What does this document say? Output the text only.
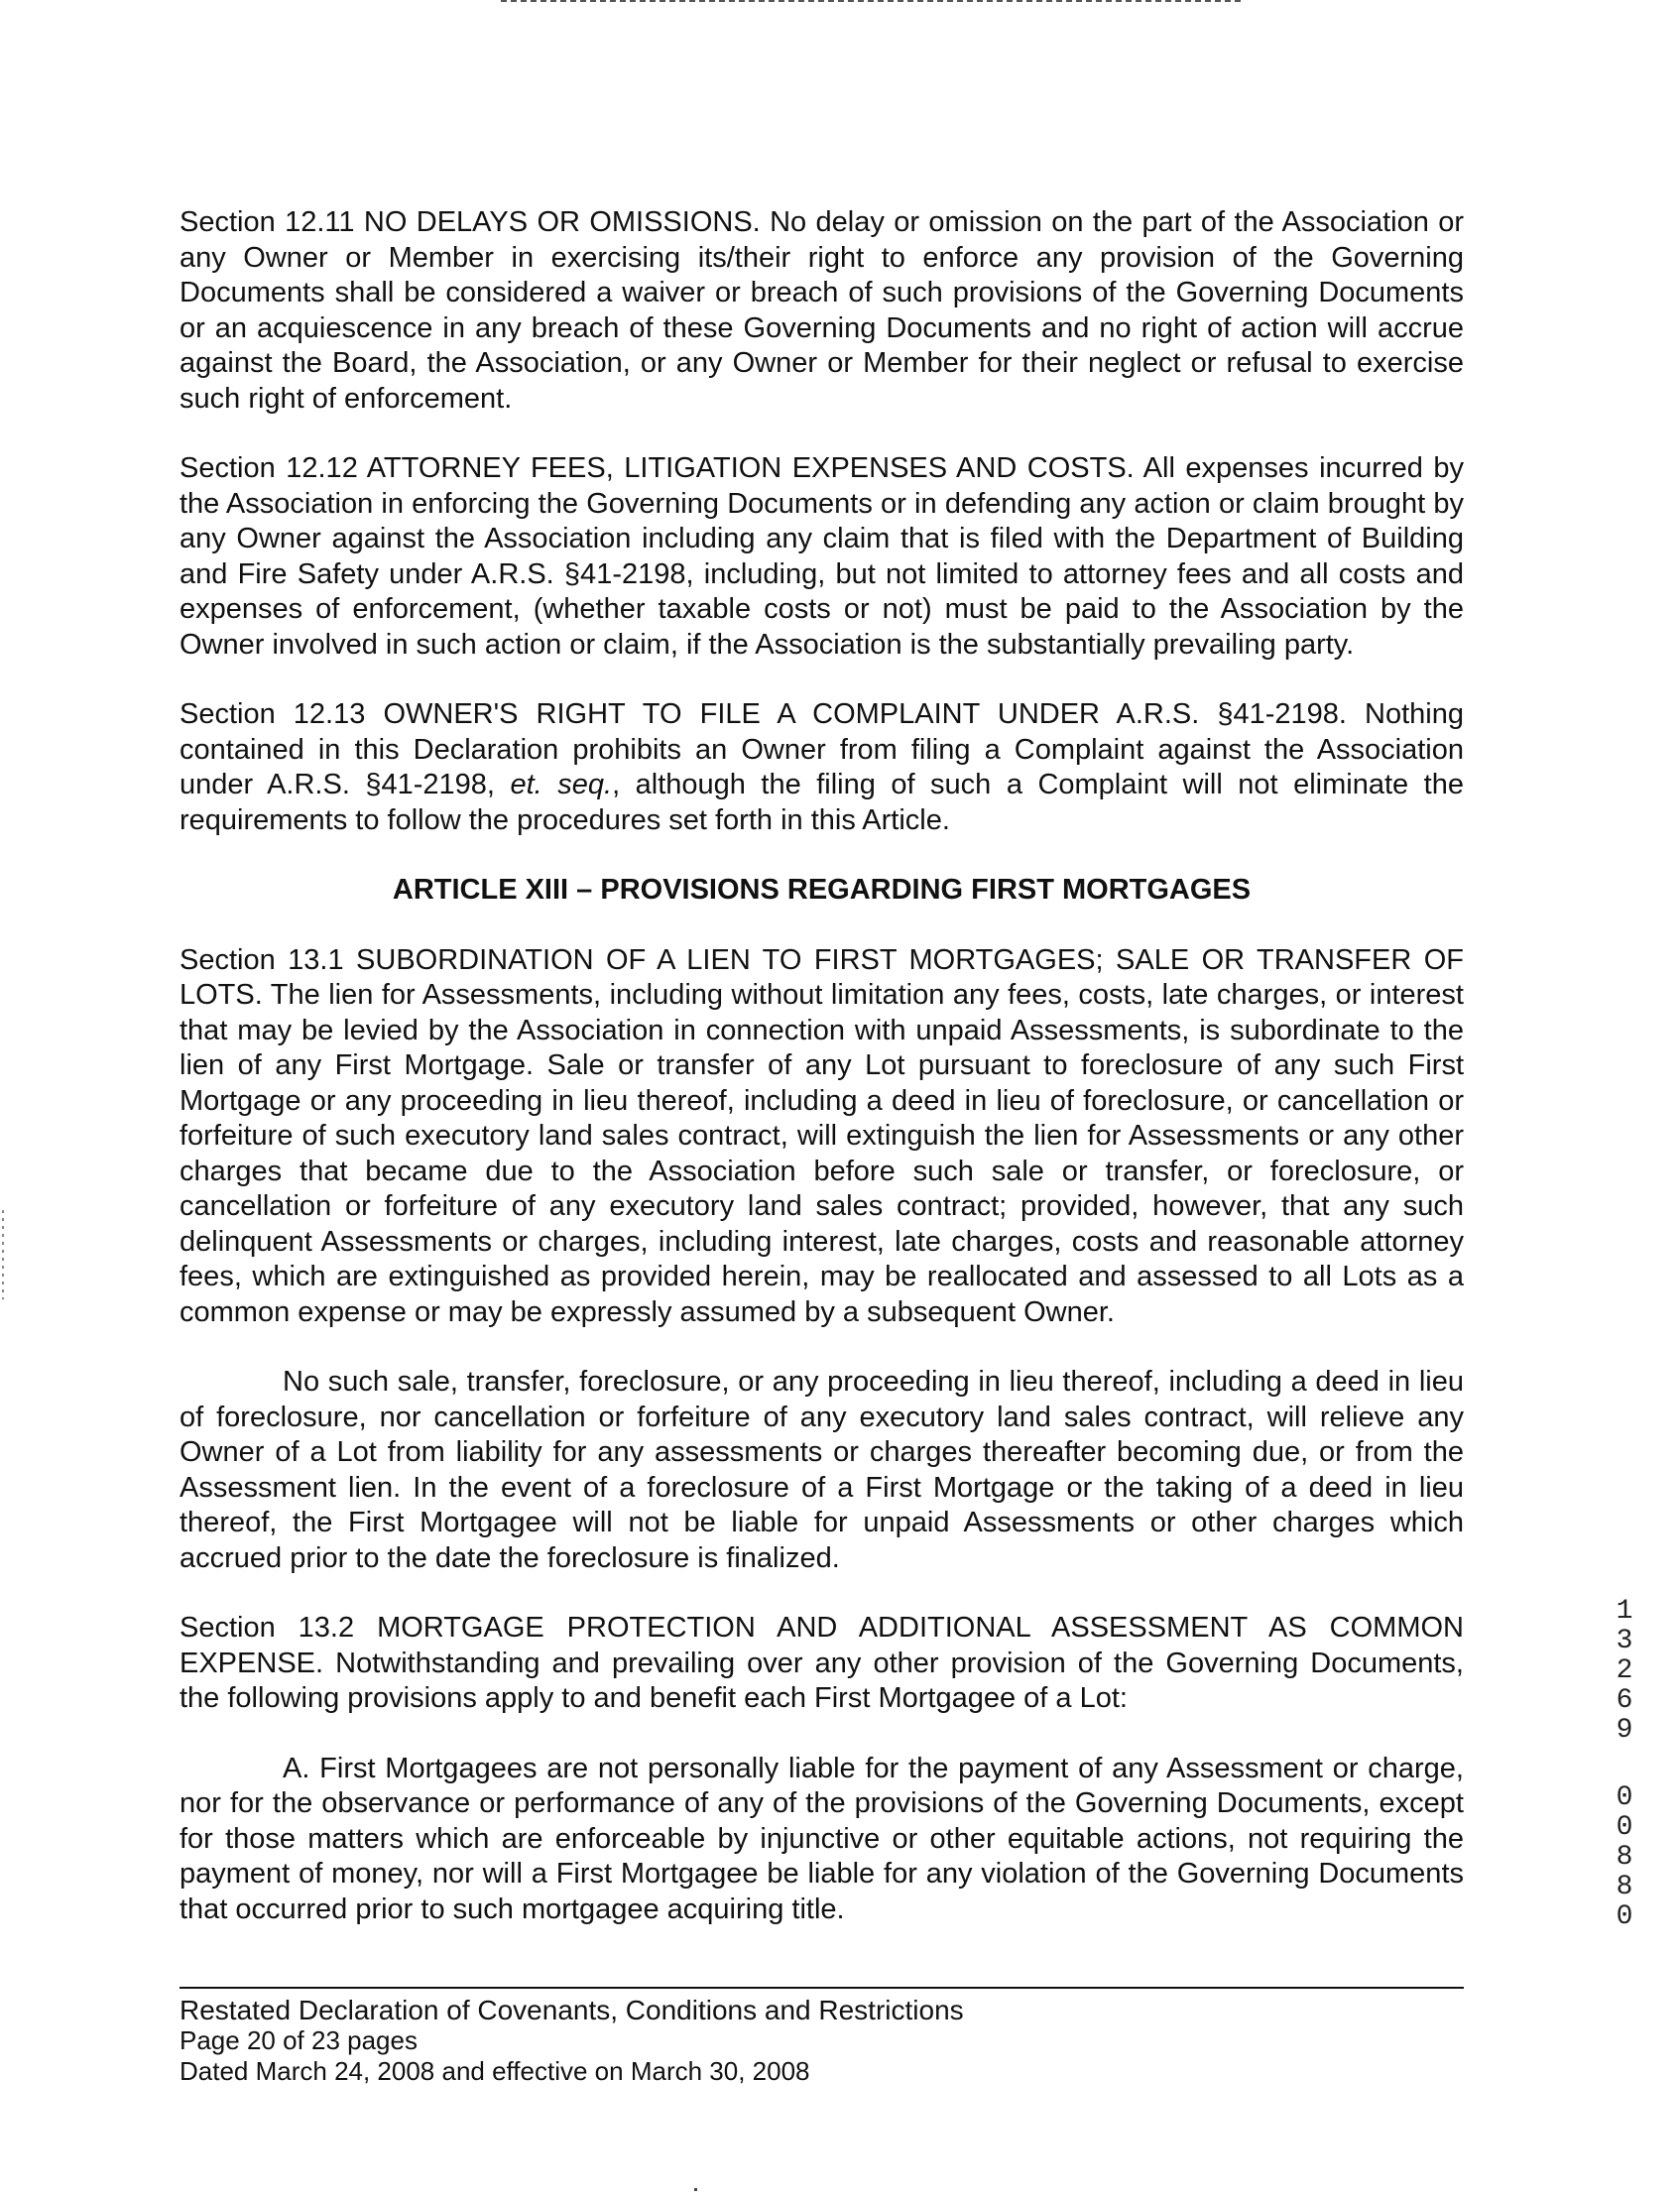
Section 12.11 NO DELAYS OR OMISSIONS. No delay or omission on the part of the Association or any Owner or Member in exercising its/their right to enforce any provision of the Governing Documents shall be considered a waiver or breach of such provisions of the Governing Documents or an acquiescence in any breach of these Governing Documents and no right of action will accrue against the Board, the Association, or any Owner or Member for their neglect or refusal to exercise such right of enforcement.

Section 12.12 ATTORNEY FEES, LITIGATION EXPENSES AND COSTS. All expenses incurred by the Association in enforcing the Governing Documents or in defending any action or claim brought by any Owner against the Association including any claim that is filed with the Department of Building and Fire Safety under A.R.S. §41-2198, including, but not limited to attorney fees and all costs and expenses of enforcement, (whether taxable costs or not) must be paid to the Association by the Owner involved in such action or claim, if the Association is the substantially prevailing party.

Section 12.13 OWNER'S RIGHT TO FILE A COMPLAINT UNDER A.R.S. §41-2198. Nothing contained in this Declaration prohibits an Owner from filing a Complaint against the Association under A.R.S. §41-2198, et. seq., although the filing of such a Complaint will not eliminate the requirements to follow the procedures set forth in this Article.

ARTICLE XIII – PROVISIONS REGARDING FIRST MORTGAGES

Section 13.1 SUBORDINATION OF A LIEN TO FIRST MORTGAGES; SALE OR TRANSFER OF LOTS. The lien for Assessments, including without limitation any fees, costs, late charges, or interest that may be levied by the Association in connection with unpaid Assessments, is subordinate to the lien of any First Mortgage. Sale or transfer of any Lot pursuant to foreclosure of any such First Mortgage or any proceeding in lieu thereof, including a deed in lieu of foreclosure, or cancellation or forfeiture of such executory land sales contract, will extinguish the lien for Assessments or any other charges that became due to the Association before such sale or transfer, or foreclosure, or cancellation or forfeiture of any executory land sales contract; provided, however, that any such delinquent Assessments or charges, including interest, late charges, costs and reasonable attorney fees, which are extinguished as provided herein, may be reallocated and assessed to all Lots as a common expense or may be expressly assumed by a subsequent Owner.

No such sale, transfer, foreclosure, or any proceeding in lieu thereof, including a deed in lieu of foreclosure, nor cancellation or forfeiture of any executory land sales contract, will relieve any Owner of a Lot from liability for any assessments or charges thereafter becoming due, or from the Assessment lien. In the event of a foreclosure of a First Mortgage or the taking of a deed in lieu thereof, the First Mortgagee will not be liable for unpaid Assessments or other charges which accrued prior to the date the foreclosure is finalized.

Section 13.2 MORTGAGE PROTECTION AND ADDITIONAL ASSESSMENT AS COMMON EXPENSE. Notwithstanding and prevailing over any other provision of the Governing Documents, the following provisions apply to and benefit each First Mortgagee of a Lot:

A. First Mortgagees are not personally liable for the payment of any Assessment or charge, nor for the observance or performance of any of the provisions of the Governing Documents, except for those matters which are enforceable by injunctive or other equitable actions, not requiring the payment of money, nor will a First Mortgagee be liable for any violation of the Governing Documents that occurred prior to such mortgagee acquiring title.

Restated Declaration of Covenants, Conditions and Restrictions
Page 20 of 23 pages
Dated March 24, 2008 and effective on March 30, 2008
1
3
2
6
9
0
0
8
8
0
